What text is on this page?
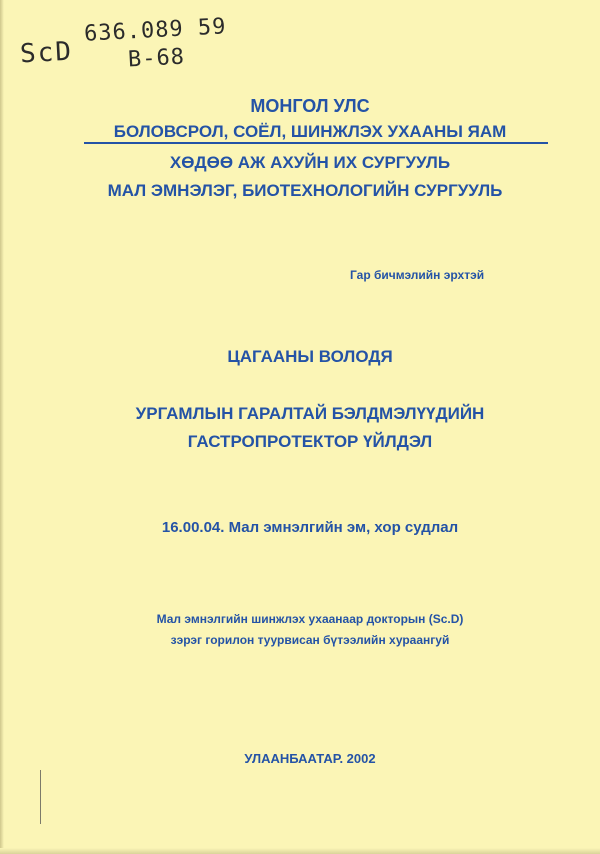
636.089 59
ScD B-68
МОНГОЛ УЛС
БОЛОВСРОЛ, СОЁЛ, ШИНЖЛЭХ УХААНЫ ЯАМ
ХӨДӨӨ АЖ АХУЙН ИХ СУРГУУЛЬ
МАЛ ЭМНЭЛЭГ, БИОТЕХНОЛОГИЙН СУРГУУЛЬ
Гар бичмэлийн эрхтэй
ЦАГААНЫ ВОЛОДЯ
УРГАМЛЫН ГАРАЛТАЙ БЭЛДМЭЛҮҮДИЙН
ГАСТРОПРОТЕКТОР ҮЙЛДЭЛ
16.00.04. Мал эмнэлгийн эм, хор судлал
Мал эмнэлгийн шинжлэх ухаанаар докторын (Sc.D)
зэрэг горилон туурвисан бүтээлийн хураангуй
УЛААНБААТАР. 2002
